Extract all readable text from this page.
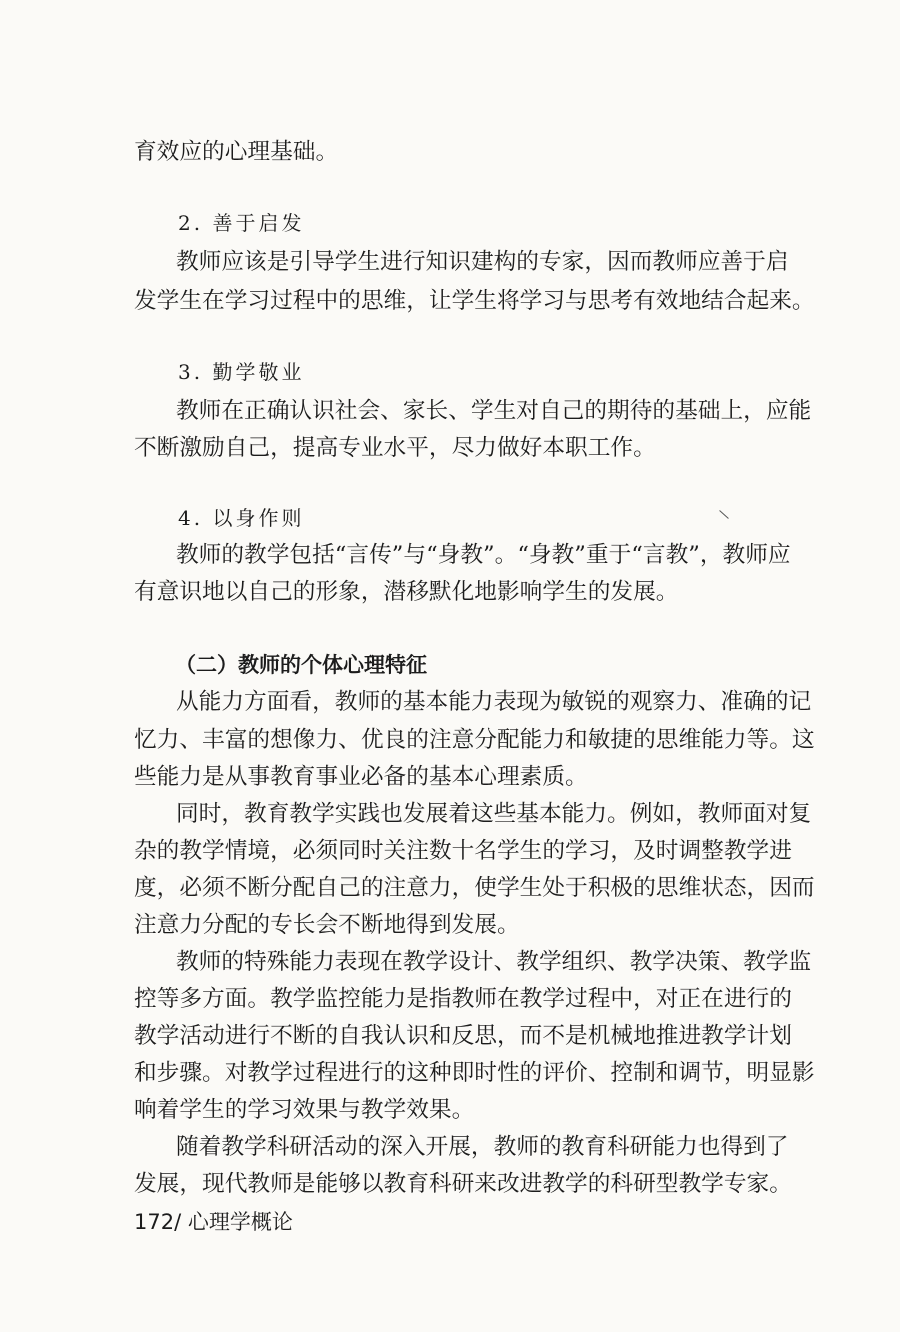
育效应的心理基础。

2. 善于启发

教师应该是引导学生进行知识建构的专家，因而教师应善于启

发学生在学习过程中的思维，让学生将学习与思考有效地结合起来。

3. 勤学敬业

教师在正确认识社会、家长、学生对自己的期待的基础上，应能

不断激励自己，提高专业水平，尽力做好本职工作。

4. 以身作则

教师的教学包括“言传”与“身教”。“身教”重于“言教”，教师应

有意识地以自己的形象，潜移默化地影响学生的发展。

（二）教师的个体心理特征

从能力方面看，教师的基本能力表现为敏锐的观察力、准确的记

忆力、丰富的想像力、优良的注意分配能力和敏捷的思维能力等。这

些能力是从事教育事业必备的基本心理素质。

同时，教育教学实践也发展着这些基本能力。例如，教师面对复

杂的教学情境，必须同时关注数十名学生的学习，及时调整教学进

度，必须不断分配自己的注意力，使学生处于积极的思维状态，因而

注意力分配的专长会不断地得到发展。

教师的特殊能力表现在教学设计、教学组织、教学决策、教学监

控等多方面。教学监控能力是指教师在教学过程中，对正在进行的

教学活动进行不断的自我认识和反思，而不是机械地推进教学计划

和步骤。对教学过程进行的这种即时性的评价、控制和调节，明显影

响着学生的学习效果与教学效果。

随着教学科研活动的深入开展，教师的教育科研能力也得到了

发展，现代教师是能够以教育科研来改进教学的科研型教学专家。

172/ 心理学概论
